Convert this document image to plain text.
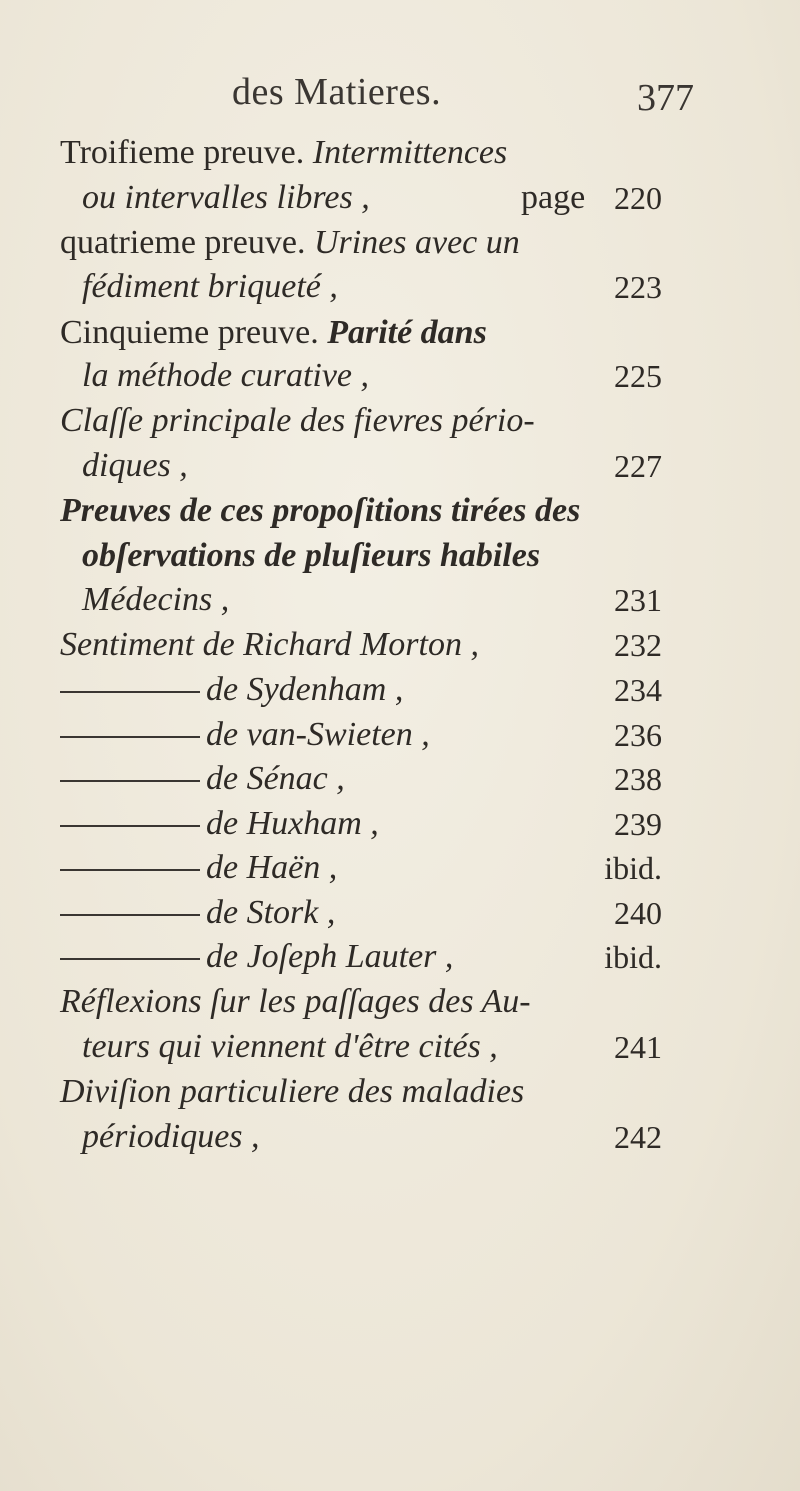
des Matieres.	377
Troifieme preuve. Intermittences
ou intervalles libres ,	page 220
quatrieme preuve. Urines avec un
fédiment briqueté ,	223
Cinquieme preuve. Parité dans
la méthode curative ,	225
Claſſe principale des fievres pério-
diques ,	227
Preuves de ces propoſitions tirées des
obſervations de pluſieurs habiles
Médecins ,	231
Sentiment de Richard Morton ,	232
de Sydenham ,	234
de van-Swieten ,	236
de Sénac ,	238
de Huxham ,	239
de Haën ,	ibid.
de Stork ,	240
de Joſeph Lauter ,	ibid.
Réflexions ſur les paſſages des Au-
teurs qui viennent d'être cités ,	241
Diviſion particuliere des maladies
périodiques ,	242
